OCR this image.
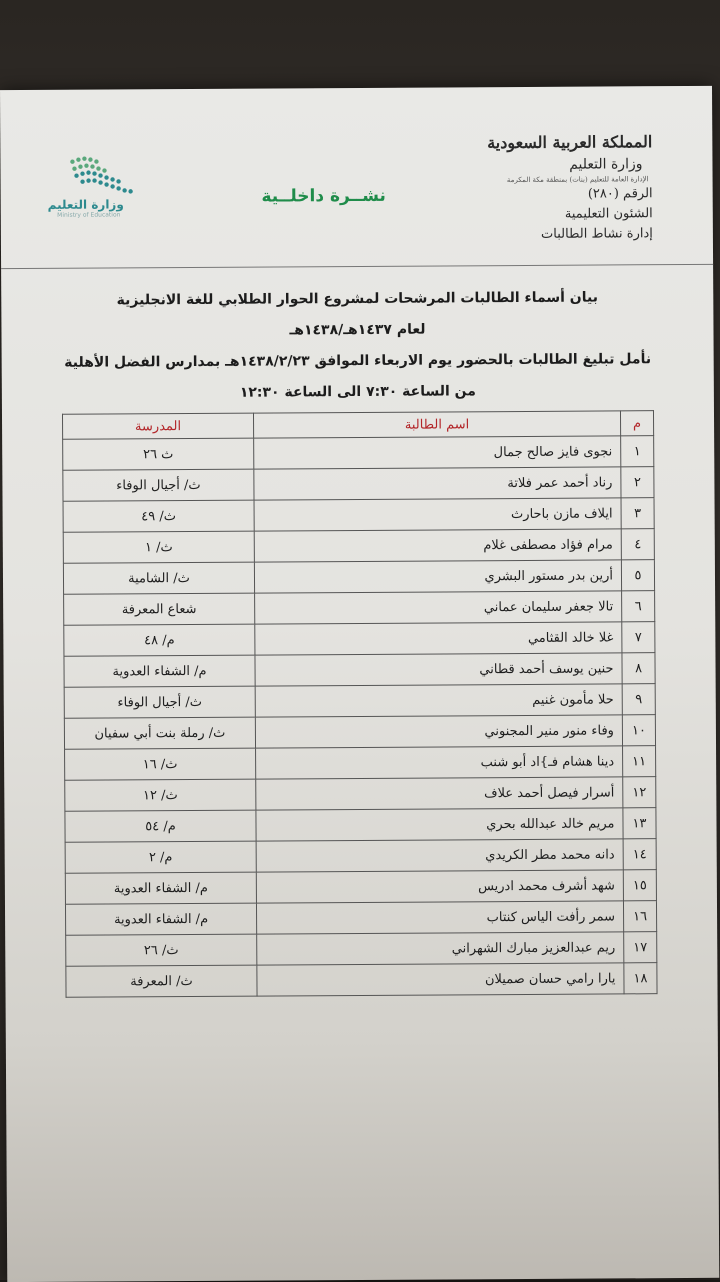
المملكة العربية السعودية
وزارة التعليم
الإدارة العامة للتعليم (بنات) بمنطقة مكة المكرمة
الرقم (٢٨٠)
الشئون التعليمية
إدارة نشاط الطالبات
نشــرة داخلــية
وزارة التعليم
Ministry of Education
بيان أسماء الطالبات المرشحات لمشروع الحوار الطلابي للغة الانجليزية
لعام ١٤٣٧هـ/١٤٣٨هـ
نأمل تبليغ الطالبات بالحضور يوم الاربعاء الموافق ١٤٣٨/٢/٢٣هـ بمدارس الفضل الأهلية
من الساعة ٧:٣٠ الى الساعة ١٢:٣٠
م	اسم الطالبة	المدرسة
١	نجوى فايز صالح جمال	ث ٢٦
٢	رناد أحمد عمر فلاتة	ث/ أجيال الوفاء
٣	ايلاف مازن باحارث	ث/ ٤٩
٤	مرام فؤاد مصطفى غلام	ث/ ١
٥	أرين بدر مستور البشري	ث/ الشامية
٦	تالا جعفر سليمان عماني	شعاع المعرفة
٧	غلا خالد القثامي	م/ ٤٨
٨	حنين يوسف أحمد قطاني	م/ الشفاء العدوية
٩	حلا مأمون غنيم	ث/ أجيال الوفاء
١٠	وفاء منور منير المجنوني	ث/ رملة بنت أبي سفيان
١١	دينا هشام فـ}اد أبو شنب	ث/ ١٦
١٢	أسرار فيصل أحمد علاف	ث/ ١٢
١٣	مريم خالد عبدالله بحري	م/ ٥٤
١٤	دانه محمد مطر الكريدي	م/ ٢
١٥	شهد أشرف محمد ادريس	م/ الشفاء العدوية
١٦	سمر رأفت الياس كنتاب	م/ الشفاء العدوية
١٧	ريم عبدالعزيز مبارك الشهراني	ث/ ٢٦
١٨	يارا رامي حسان صميلان	ث/ المعرفة
